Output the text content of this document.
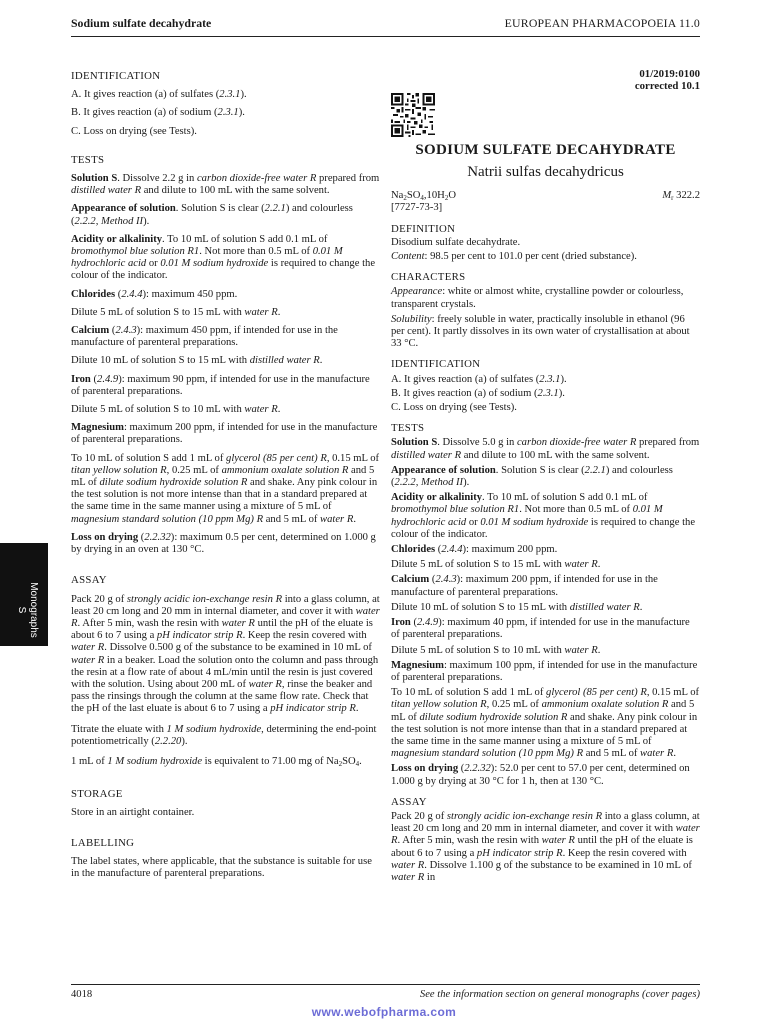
Sodium sulfate decahydrate	EUROPEAN PHARMACOPOEIA 11.0
IDENTIFICATION

A. It gives reaction (a) of sulfates (2.3.1).

B. It gives reaction (a) of sodium (2.3.1).

C. Loss on drying (see Tests).

TESTS

Solution S. Dissolve 2.2 g in carbon dioxide-free water R prepared from distilled water R and dilute to 100 mL with the same solvent.

Appearance of solution. Solution S is clear (2.2.1) and colourless (2.2.2, Method II).

Acidity or alkalinity. To 10 mL of solution S add 0.1 mL of bromothymol blue solution R1. Not more than 0.5 mL of 0.01 M hydrochloric acid or 0.01 M sodium hydroxide is required to change the colour of the indicator.

Chlorides (2.4.4): maximum 450 ppm.

Dilute 5 mL of solution S to 15 mL with water R.

Calcium (2.4.3): maximum 450 ppm, if intended for use in the manufacture of parenteral preparations.

Dilute 10 mL of solution S to 15 mL with distilled water R.

Iron (2.4.9): maximum 90 ppm, if intended for use in the manufacture of parenteral preparations.

Dilute 5 mL of solution S to 10 mL with water R.

Magnesium: maximum 200 ppm, if intended for use in the manufacture of parenteral preparations.

To 10 mL of solution S add 1 mL of glycerol (85 per cent) R, 0.15 mL of titan yellow solution R, 0.25 mL of ammonium oxalate solution R and 5 mL of dilute sodium hydroxide solution R and shake. Any pink colour in the test solution is not more intense than that in a standard prepared at the same time in the same manner using a mixture of 5 mL of magnesium standard solution (10 ppm Mg) R and 5 mL of water R.

Loss on drying (2.2.32): maximum 0.5 per cent, determined on 1.000 g by drying in an oven at 130 °C.

ASSAY

Pack 20 g of strongly acidic ion-exchange resin R into a glass column, at least 20 cm long and 20 mm in internal diameter, and cover it with water R. After 5 min, wash the resin with water R until the pH of the eluate is about 6 to 7 using a pH indicator strip R. Keep the resin covered with water R. Dissolve 0.500 g of the substance to be examined in 10 mL of water R in a beaker. Load the solution onto the column and pass through the resin at a flow rate of about 4 mL/min until the resin is just covered with the solution. Using about 200 mL of water R, rinse the beaker and pass the rinsings through the column at the same flow rate. Check that the pH of the last eluate is about 6 to 7 using a pH indicator strip R.

Titrate the eluate with 1 M sodium hydroxide, determining the end-point potentiometrically (2.2.20).

1 mL of 1 M sodium hydroxide is equivalent to 71.00 mg of $Na_2SO_4$.

STORAGE

Store in an airtight container.

LABELLING

The label states, where applicable, that the substance is suitable for use in the manufacture of parenteral preparations.

01/2019:0100
corrected 10.1
SODIUM SULFATE DECAHYDRATE
Natrii sulfas decahydricus
$Na_2SO_4,10H_2O$	$M_r$ 322.2

[7727-73-3]

DEFINITION

Disodium sulfate decahydrate.

Content: 98.5 per cent to 101.0 per cent (dried substance).

CHARACTERS

Appearance: white or almost white, crystalline powder or colourless, transparent crystals.

Solubility: freely soluble in water, practically insoluble in ethanol (96 per cent). It partly dissolves in its own water of crystallisation at about 33 °C.

IDENTIFICATION

A. It gives reaction (a) of sulfates (2.3.1).

B. It gives reaction (a) of sodium (2.3.1).

C. Loss on drying (see Tests).

TESTS

Solution S. Dissolve 5.0 g in carbon dioxide-free water R prepared from distilled water R and dilute to 100 mL with the same solvent.

Appearance of solution. Solution S is clear (2.2.1) and colourless (2.2.2, Method II).

Acidity or alkalinity. To 10 mL of solution S add 0.1 mL of bromothymol blue solution R1. Not more than 0.5 mL of 0.01 M hydrochloric acid or 0.01 M sodium hydroxide is required to change the colour of the indicator.

Chlorides (2.4.4): maximum 200 ppm.

Dilute 5 mL of solution S to 15 mL with water R.

Calcium (2.4.3): maximum 200 ppm, if intended for use in the manufacture of parenteral preparations.

Dilute 10 mL of solution S to 15 mL with distilled water R.

Iron (2.4.9): maximum 40 ppm, if intended for use in the manufacture of parenteral preparations.

Dilute 5 mL of solution S to 10 mL with water R.

Magnesium: maximum 100 ppm, if intended for use in the manufacture of parenteral preparations.

To 10 mL of solution S add 1 mL of glycerol (85 per cent) R, 0.15 mL of titan yellow solution R, 0.25 mL of ammonium oxalate solution R and 5 mL of dilute sodium hydroxide solution R and shake. Any pink colour in the test solution is not more intense than that in a standard prepared at the same time in the same manner using a mixture of 5 mL of magnesium standard solution (10 ppm Mg) R and 5 mL of water R.

Loss on drying (2.2.32): 52.0 per cent to 57.0 per cent, determined on 1.000 g by drying at 30 °C for 1 h, then at 130 °C.

ASSAY

Pack 20 g of strongly acidic ion-exchange resin R into a glass column, at least 20 cm long and 20 mm in internal diameter, and cover it with water R. After 5 min, wash the resin with water R until the pH of the eluate is about 6 to 7 using a pH indicator strip R. Keep the resin covered with water R. Dissolve 1.100 g of the substance to be examined in 10 mL of water R in

Monographs
S
4018	See the information section on general monographs (cover pages)
www.webofpharma.com
